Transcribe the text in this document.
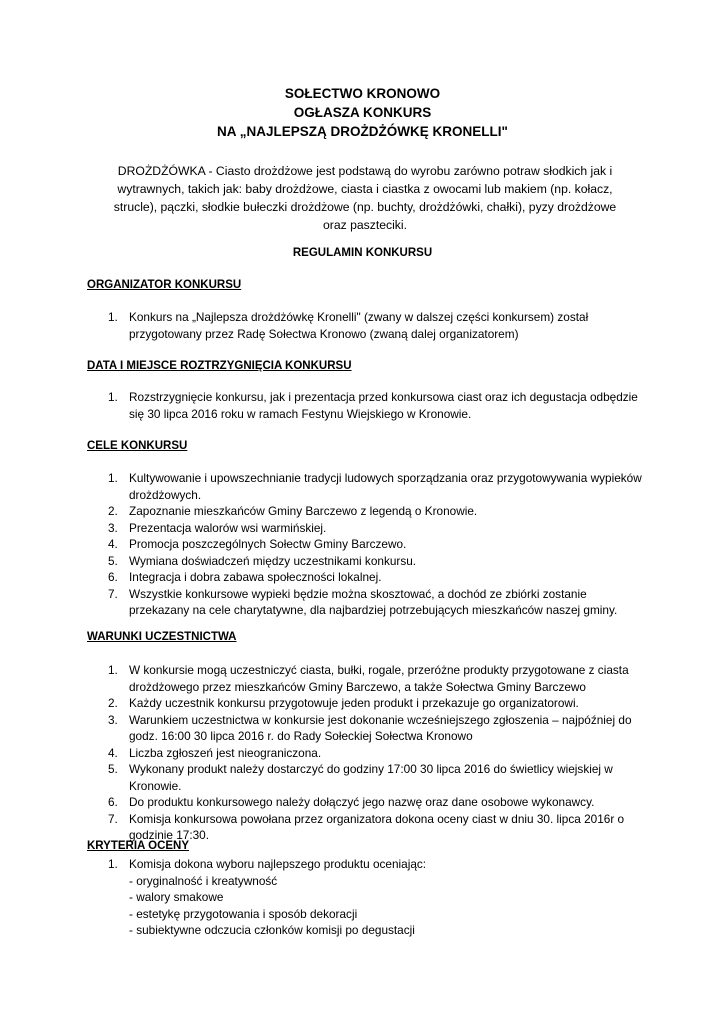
SOŁECTWO KRONOWO
OGŁASZA KONKURS
NA „NAJLEPSZĄ DROŻDŻÓWKĘ KRONELLI"
DROŻDŻÓWKA - Ciasto drożdżowe jest podstawą do wyrobu zarówno potraw słodkich jak i wytrawnych, takich jak: baby drożdżowe, ciasta i ciastka z owocami lub makiem (np. kołacz, strucle), pączki, słodkie bułeczki drożdżowe (np. buchty, drożdżówki, chałki), pyzy drożdżowe oraz paszteciki.
REGULAMIN KONKURSU
ORGANIZATOR KONKURSU
1. Konkurs na „Najlepsza drożdżówkę Kronelli" (zwany w dalszej części konkursem) został przygotowany przez Radę Sołectwa Kronowo (zwaną dalej organizatorem)
DATA I MIEJSCE ROZTRZYGNIĘCIA KONKURSU
1. Rozstrzygnięcie konkursu, jak i prezentacja przed konkursowa ciast oraz ich degustacja odbędzie się 30 lipca 2016 roku w ramach Festynu Wiejskiego w Kronowie.
CELE KONKURSU
1. Kultywowanie i upowszechnianie tradycji ludowych sporządzania oraz przygotowywania wypieków drożdżowych.
2. Zapoznanie mieszkańców Gminy Barczewo z legendą o Kronowie.
3. Prezentacja walorów wsi warmińskiej.
4. Promocja poszczególnych Sołectw Gminy Barczewo.
5. Wymiana doświadczeń między uczestnikami konkursu.
6. Integracja i dobra zabawa społeczności lokalnej.
7. Wszystkie konkursowe wypieki będzie można skosztować, a dochód ze zbiórki zostanie przekazany na cele charytatywne, dla najbardziej potrzebujących mieszkańców naszej gminy.
WARUNKI UCZESTNICTWA
1. W konkursie mogą uczestniczyć ciasta, bułki, rogale, przeróżne produkty przygotowane z ciasta drożdżowego przez mieszkańców Gminy Barczewo, a także Sołectwa Gminy Barczewo
2. Każdy uczestnik konkursu przygotowuje jeden produkt i przekazuje go organizatorowi.
3. Warunkiem uczestnictwa w konkursie jest dokonanie wcześniejszego zgłoszenia – najpóźniej do godz. 16:00 30 lipca 2016 r. do Rady Sołeckiej Sołectwa Kronowo
4. Liczba zgłoszeń jest nieograniczona.
5. Wykonany produkt należy dostarczyć do godziny 17:00 30 lipca 2016 do świetlicy wiejskiej w Kronowie.
6. Do produktu konkursowego należy dołączyć jego nazwę oraz dane osobowe wykonawcy.
7. Komisja konkursowa powołana przez organizatora dokona oceny ciast w dniu 30. lipca 2016r o godzinie 17:30.
KRYTERIA OCENY
1. Komisja dokona wyboru najlepszego produktu oceniając:
- oryginalność i kreatywność
- walory smakowe
- estetykę przygotowania i sposób dekoracji
- subiektywne odczucia członków komisji po degustacji
